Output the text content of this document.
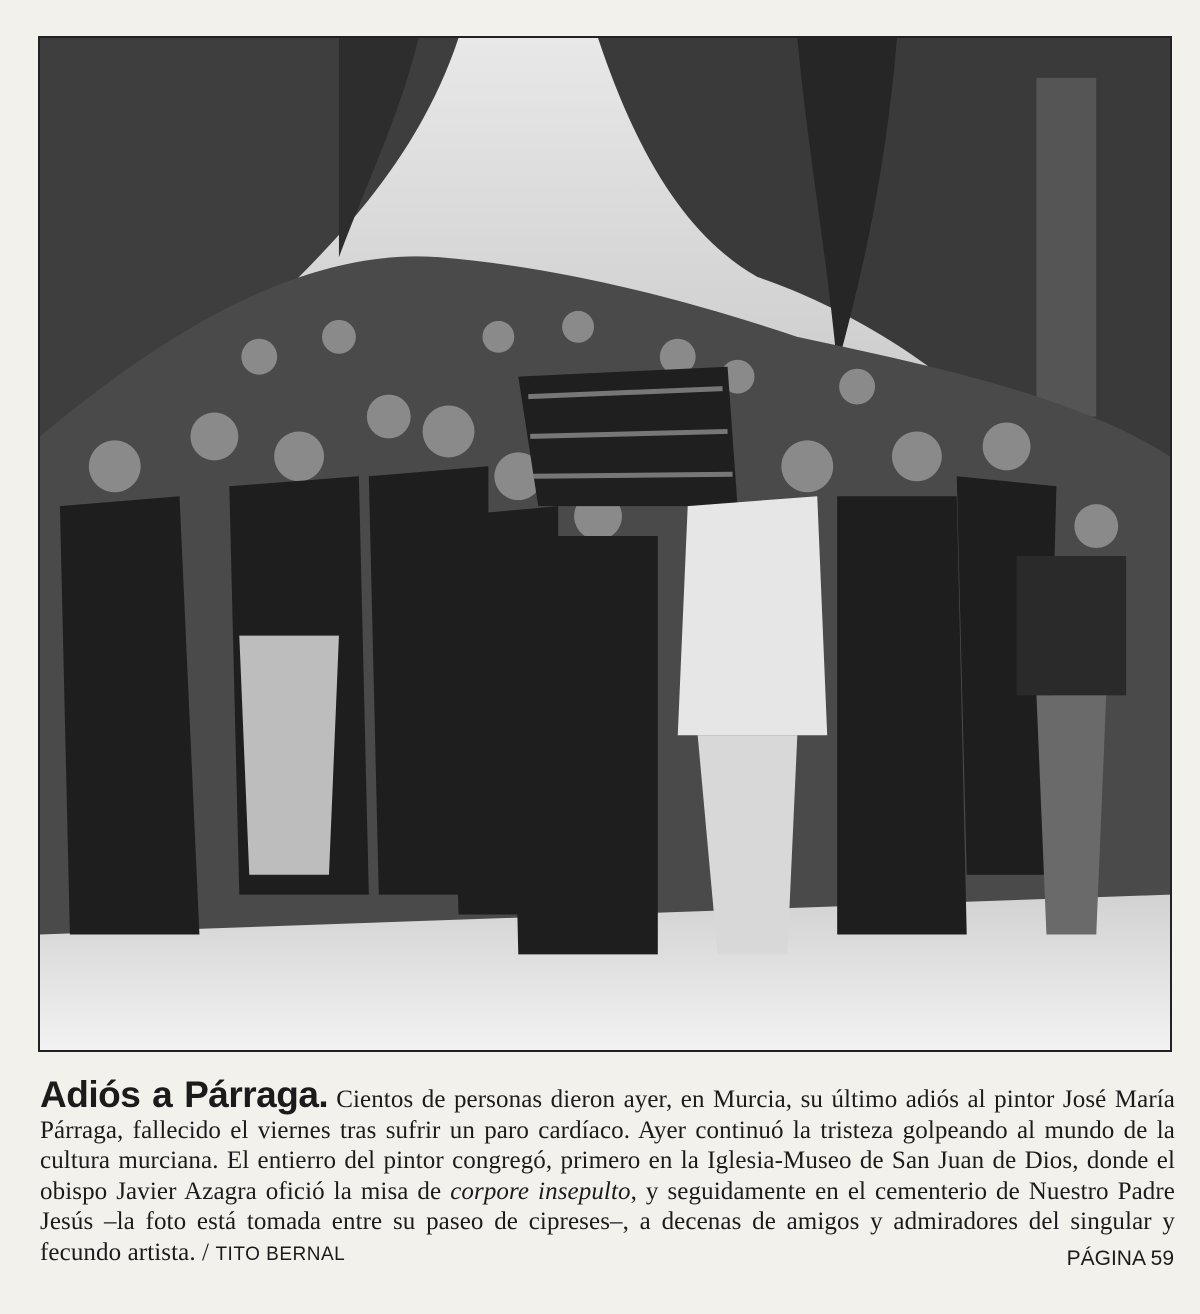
Adiós a Párraga. Cientos de personas dieron ayer, en Murcia, su último adiós al pintor José María Párraga, fallecido el viernes tras sufrir un paro cardíaco. Ayer continuó la tristeza golpeando al mundo de la cultura murciana. El entierro del pintor congregó, primero en la Iglesia-Museo de San Juan de Dios, donde el obispo Javier Azagra ofició la misa de corpore insepulto, y seguidamente en el cementerio de Nuestro Padre Jesús –la foto está tomada entre su paseo de cipreses–, a decenas de amigos y admiradores del singular y fecundo artista. / TITO BERNAL	PÁGINA 59
